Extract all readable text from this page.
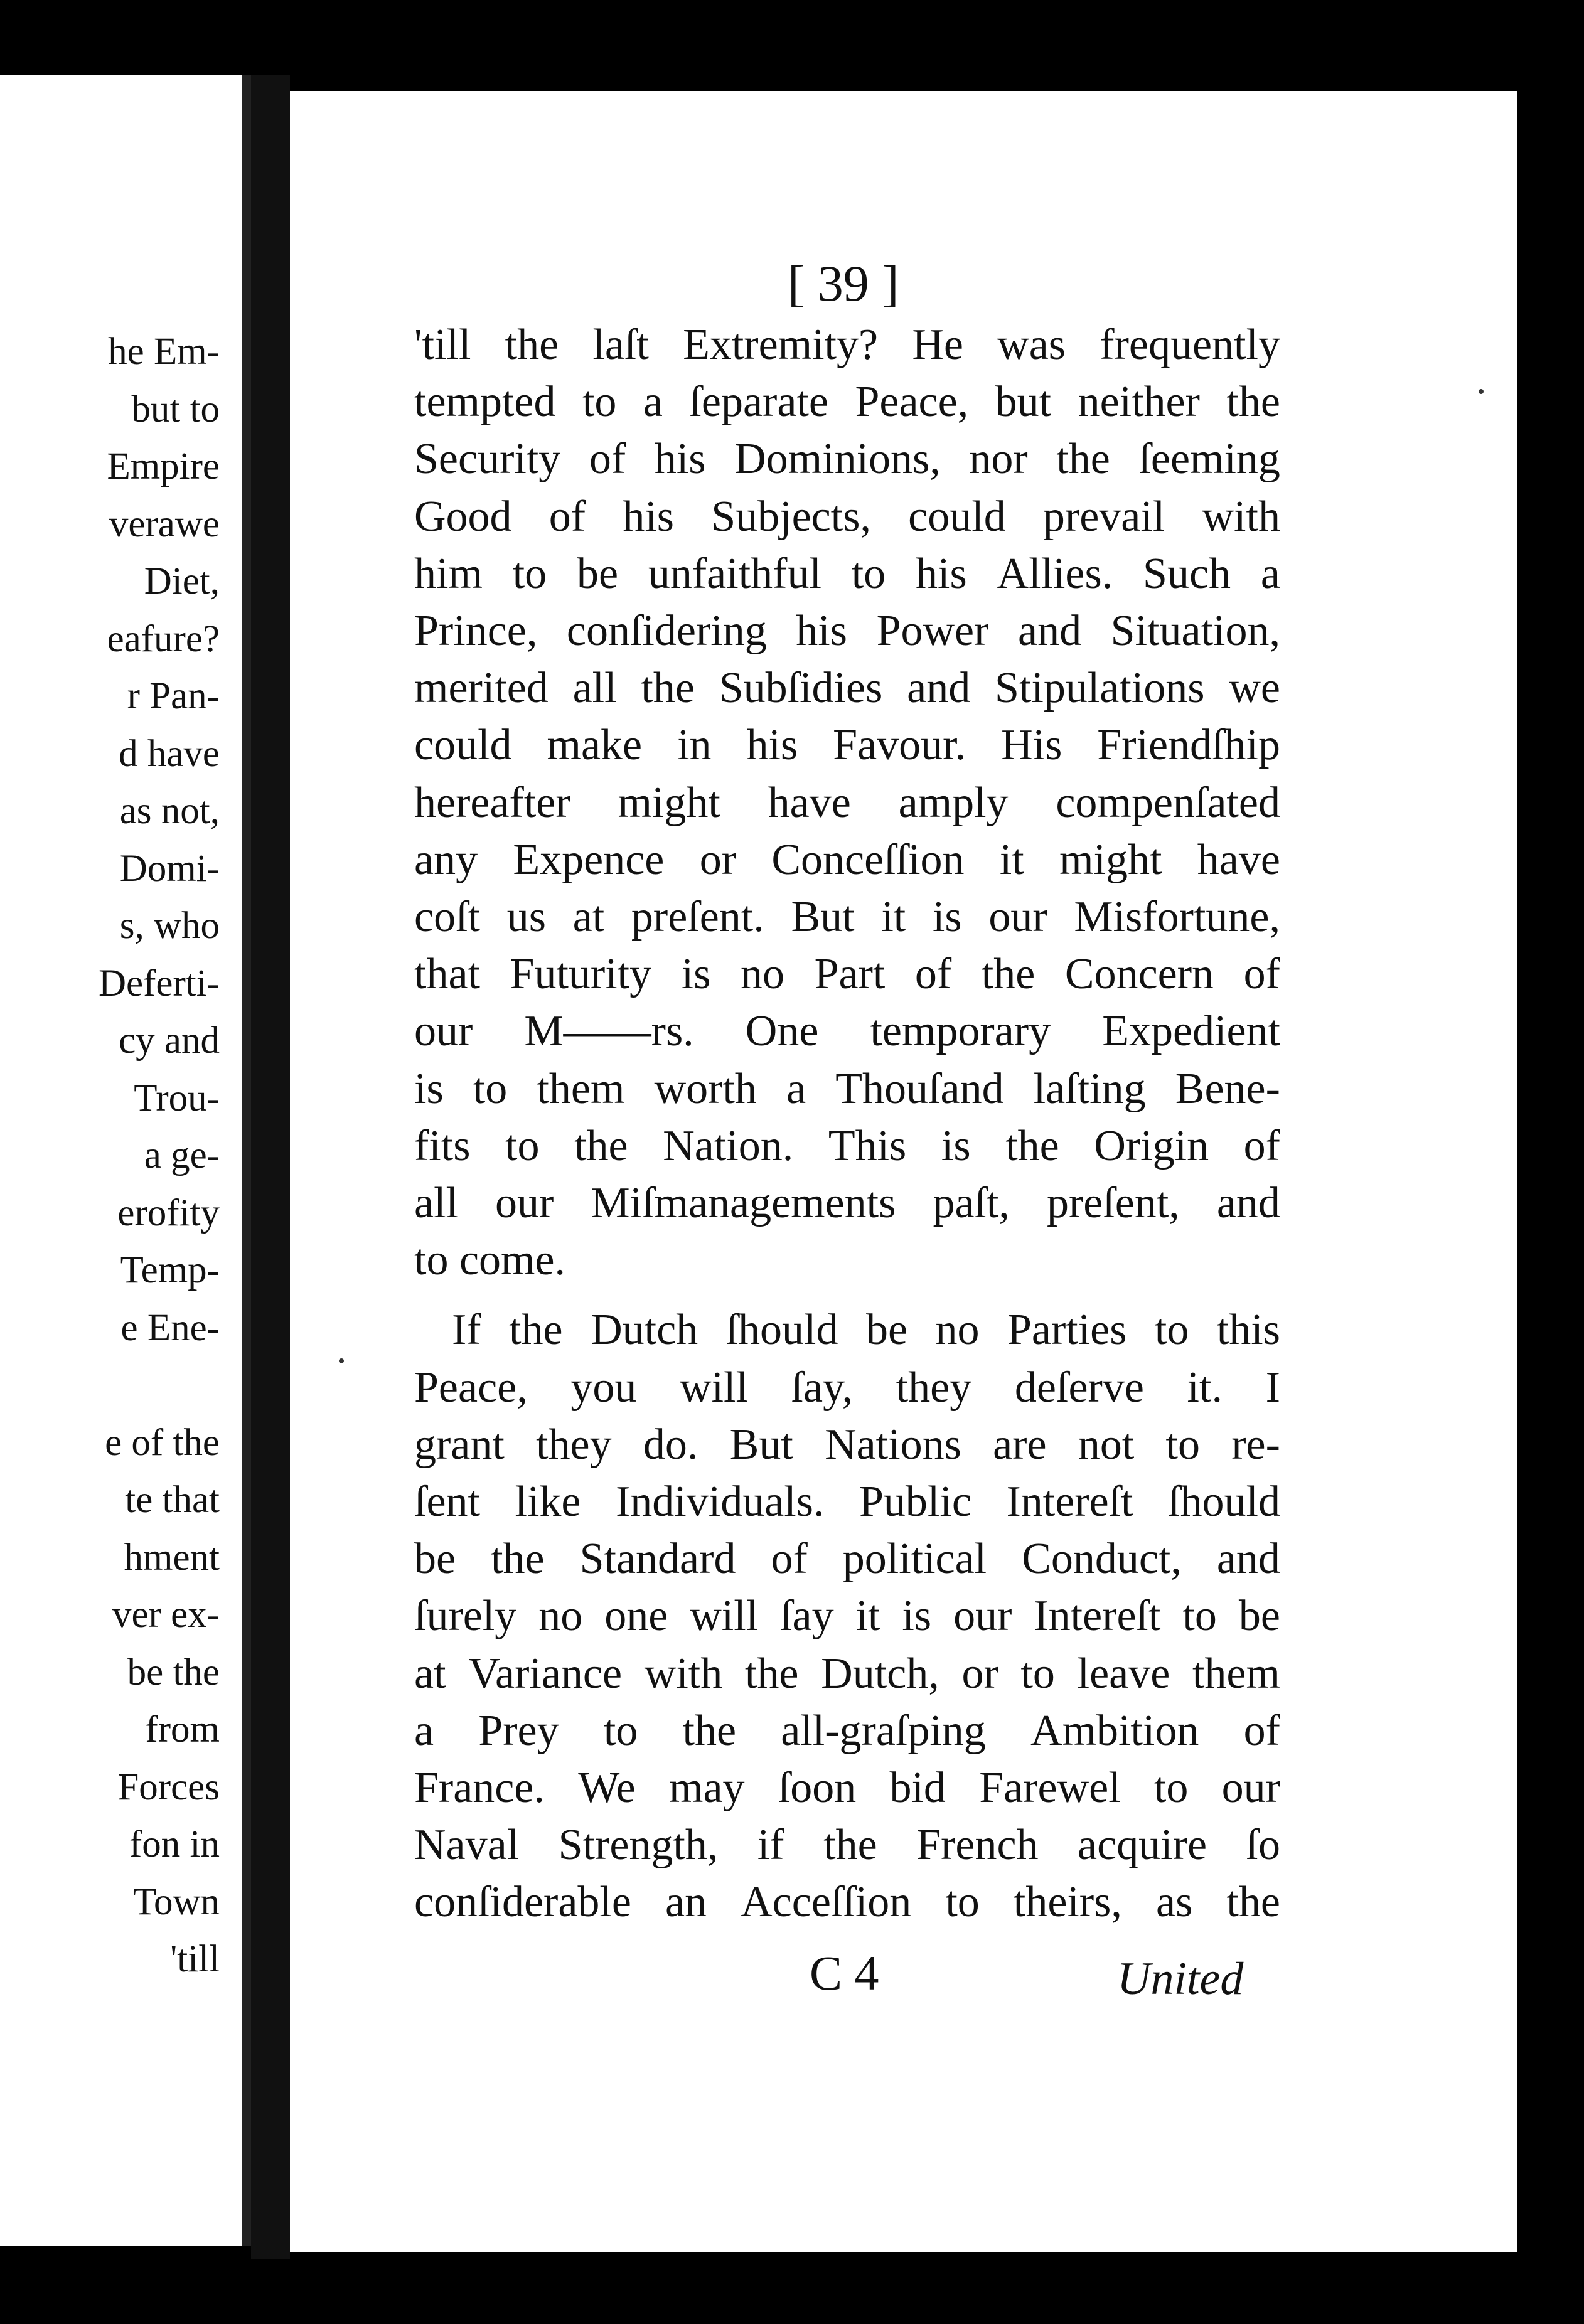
he Em-
but to
Empire
verawe
Diet,
eafure?
r Pan-
d have
as not,
Domi-
s, who
Deferti-
cy and
Trou-
a ge-
erofity
Temp-
e Ene-
e of the
te that
hment
ver ex-
be the
from
Forces
fon in
Town
'till
[ 39 ]
'till the laſt Extremity? He was frequently
tempted to a ſeparate Peace, but neither the
Security of his Dominions, nor the ſeeming
Good of his Subjects, could prevail with
him to be unfaithful to his Allies. Such a
Prince, conſidering his Power and Situation,
merited all the Subſidies and Stipulations we
could make in his Favour. His Friendſhip
hereafter might have amply compenſated
any Expence or Conceſſion it might have
coſt us at preſent. But it is our Misfortune,
that Futurity is no Part of the Concern of
our M——rs. One temporary Expedient
is to them worth a Thouſand laſting Bene-
fits to the Nation. This is the Origin of
all our Miſmanagements paſt, preſent, and
to come.
If the Dutch ſhould be no Parties to this
Peace, you will ſay, they deſerve it. I
grant they do. But Nations are not to re-
ſent like Individuals. Public Intereſt ſhould
be the Standard of political Conduct, and
ſurely no one will ſay it is our Intereſt to be
at Variance with the Dutch, or to leave them
a Prey to the all-graſping Ambition of
France. We may ſoon bid Farewel to our
Naval Strength, if the French acquire ſo
conſiderable an Acceſſion to theirs, as the
C 4	United
